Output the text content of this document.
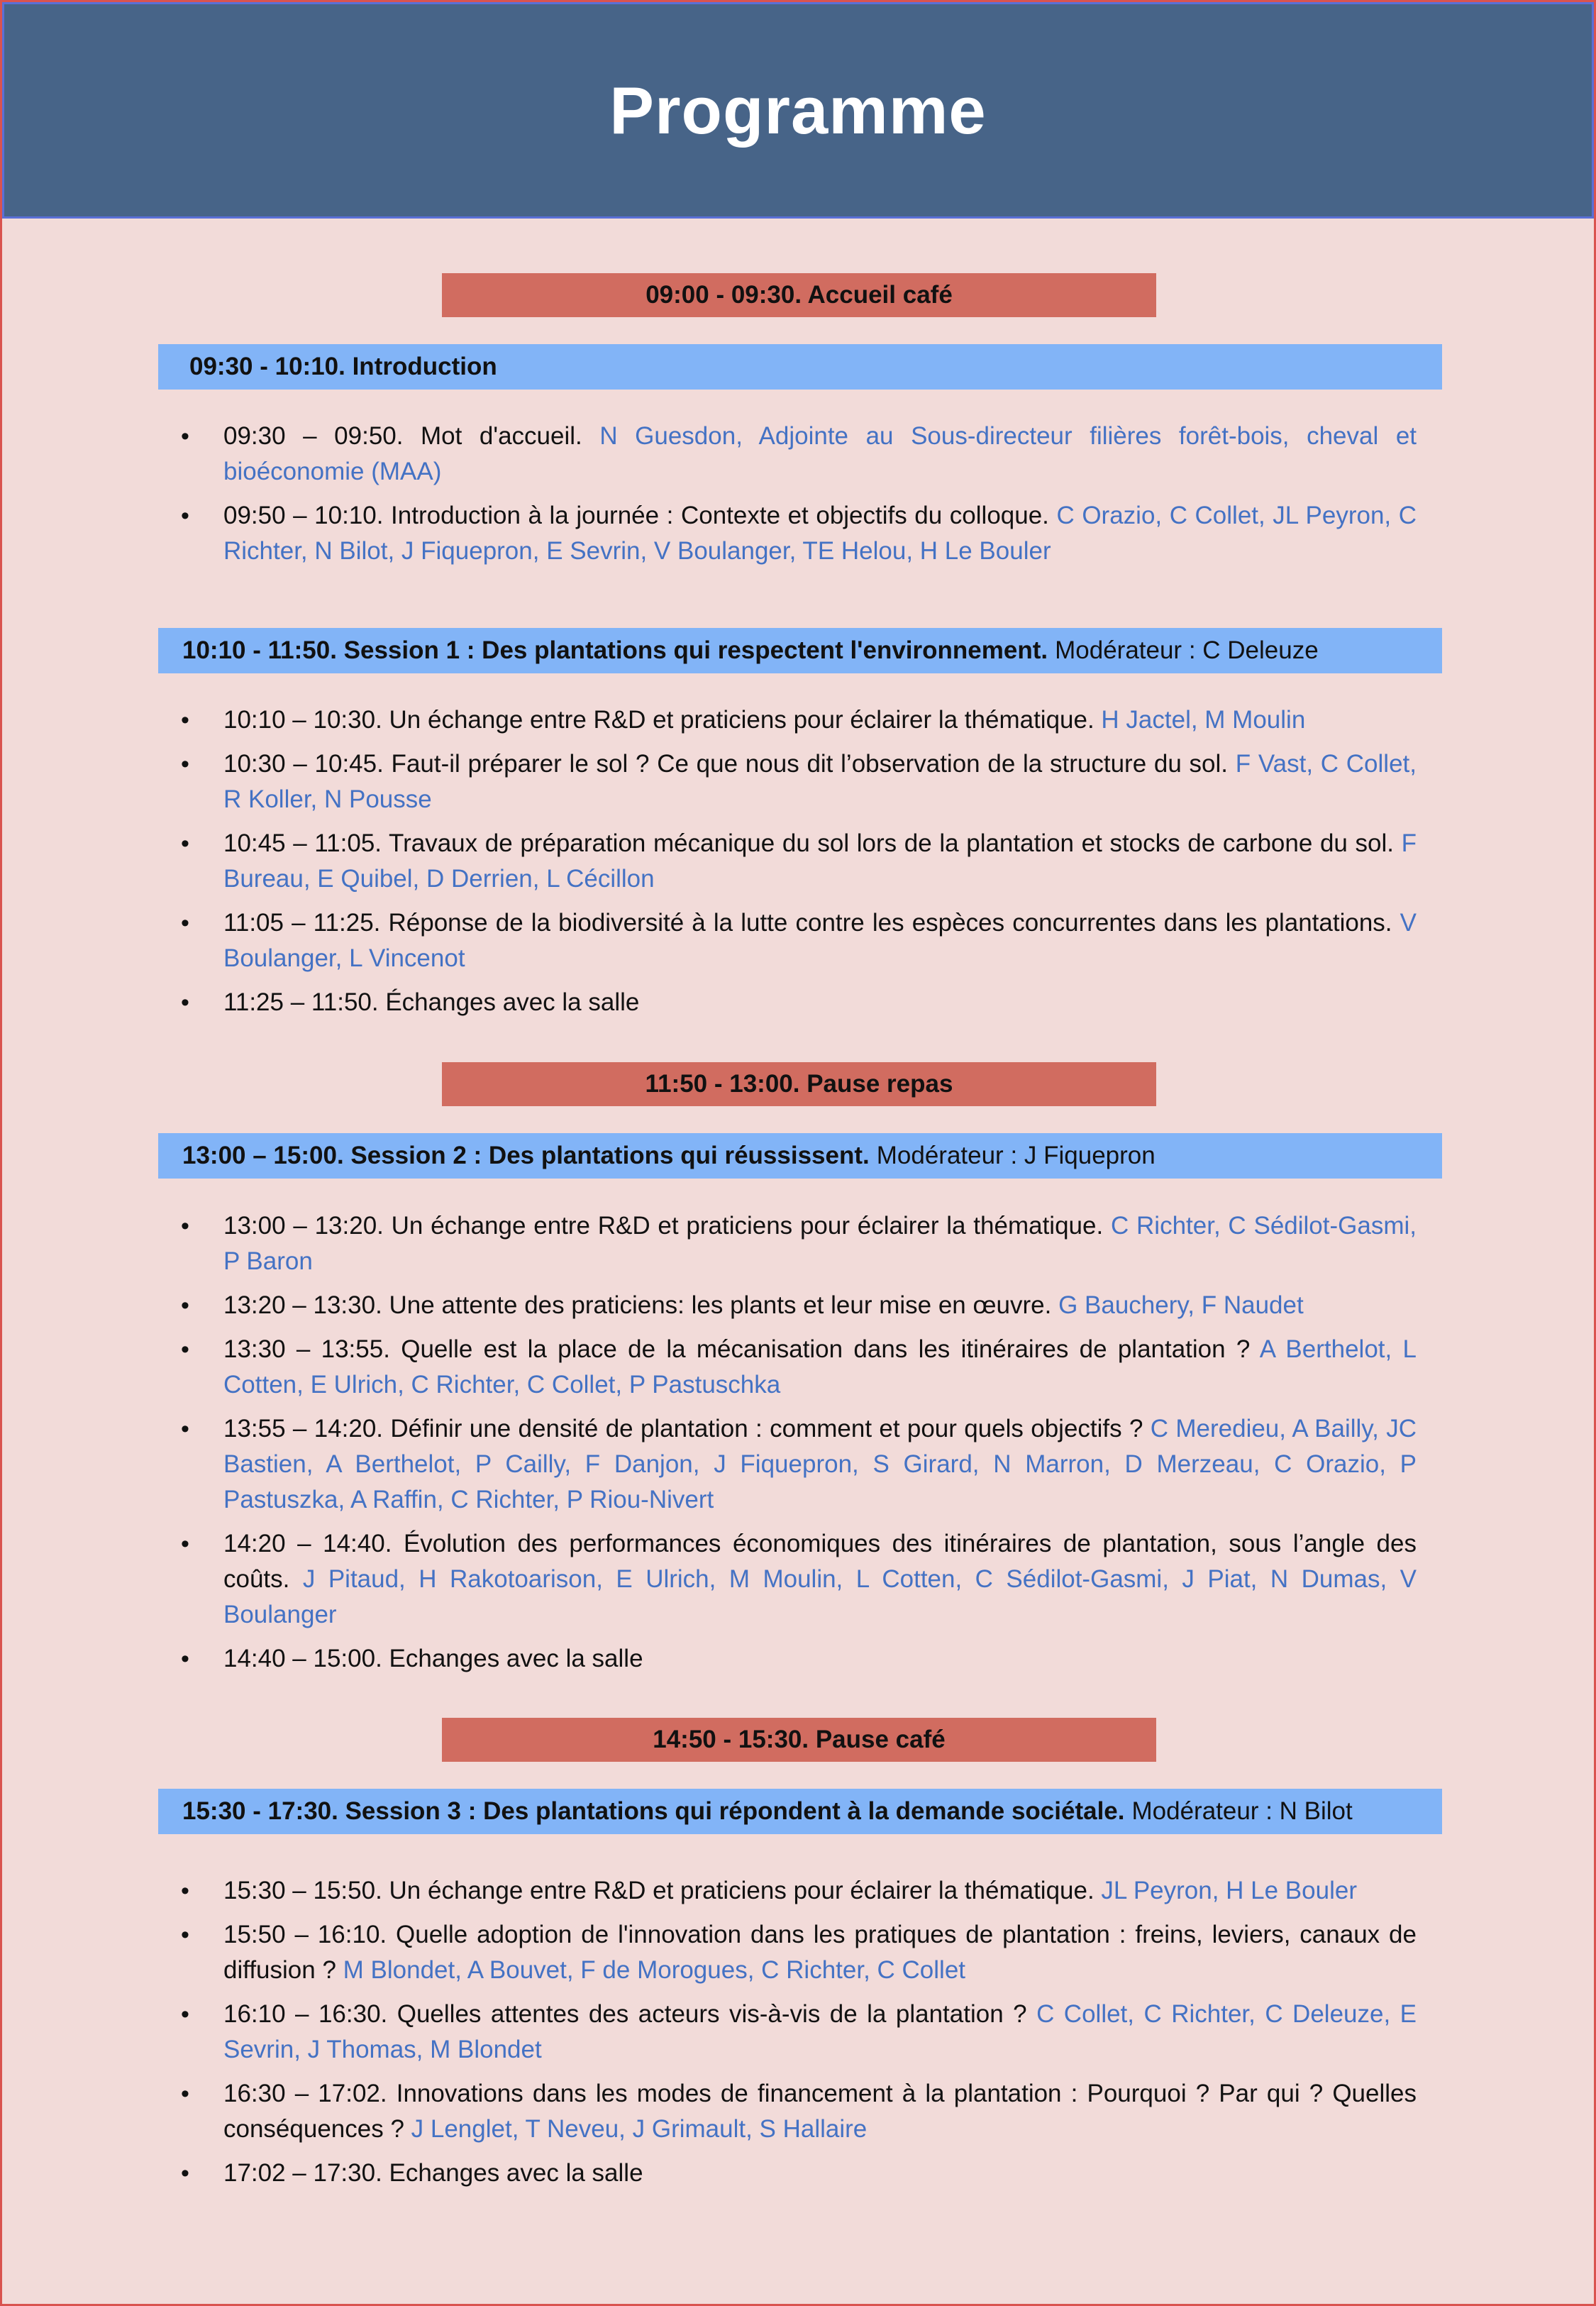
Programme
09:00 - 09:30. Accueil café
09:30 - 10:10. Introduction
• 09:30 – 09:50. Mot d'accueil. N Guesdon, Adjointe au Sous-directeur filières forêt-bois, cheval et bioéconomie (MAA)
• 09:50 – 10:10. Introduction à la journée : Contexte et objectifs du colloque. C Orazio, C Collet, JL Peyron, C Richter, N Bilot, J Fiquepron, E Sevrin, V Boulanger, TE Helou, H Le Bouler
10:10 - 11:50. Session 1 : Des plantations qui respectent l'environnement. Modérateur : C Deleuze
• 10:10 – 10:30. Un échange entre R&D et praticiens pour éclairer la thématique. H Jactel, M Moulin
• 10:30 – 10:45. Faut-il préparer le sol ? Ce que nous dit l’observation de la structure du sol. F Vast, C Collet, R Koller, N Pousse
• 10:45 – 11:05. Travaux de préparation mécanique du sol lors de la plantation et stocks de carbone du sol. F Bureau, E Quibel, D Derrien, L Cécillon
• 11:05 – 11:25. Réponse de la biodiversité à la lutte contre les espèces concurrentes dans les plantations. V Boulanger, L Vincenot
• 11:25 – 11:50. Échanges avec la salle
11:50 - 13:00. Pause repas
13:00 – 15:00. Session 2 : Des plantations qui réussissent. Modérateur : J Fiquepron
• 13:00 – 13:20. Un échange entre R&D et praticiens pour éclairer la thématique. C Richter, C Sédilot-Gasmi, P Baron
• 13:20 – 13:30. Une attente des praticiens: les plants et leur mise en œuvre. G Bauchery, F Naudet
• 13:30 – 13:55. Quelle est la place de la mécanisation dans les itinéraires de plantation ? A Berthelot, L Cotten, E Ulrich, C Richter, C Collet, P Pastuschka
• 13:55 – 14:20. Définir une densité de plantation : comment et pour quels objectifs ? C Meredieu, A Bailly, JC Bastien, A Berthelot, P Cailly, F Danjon, J Fiquepron, S Girard, N Marron, D Merzeau, C Orazio, P Pastuszka, A Raffin, C Richter, P Riou-Nivert
• 14:20 – 14:40. Évolution des performances économiques des itinéraires de plantation, sous l’angle des coûts. J Pitaud, H Rakotoarison, E Ulrich, M Moulin, L Cotten, C Sédilot-Gasmi, J Piat, N Dumas, V Boulanger
• 14:40 – 15:00. Echanges avec la salle
14:50 - 15:30. Pause café
15:30 - 17:30. Session 3 : Des plantations qui répondent à la demande sociétale. Modérateur : N Bilot
• 15:30 – 15:50. Un échange entre R&D et praticiens pour éclairer la thématique. JL Peyron, H Le Bouler
• 15:50 – 16:10. Quelle adoption de l'innovation dans les pratiques de plantation : freins, leviers, canaux de diffusion ? M Blondet, A Bouvet, F de Morogues, C Richter, C Collet
• 16:10 – 16:30. Quelles attentes des acteurs vis-à-vis de la plantation ? C Collet, C Richter, C Deleuze, E Sevrin, J Thomas, M Blondet
• 16:30 – 17:02. Innovations dans les modes de financement à la plantation : Pourquoi ? Par qui ? Quelles conséquences ? J Lenglet, T Neveu, J Grimault, S Hallaire
• 17:02 – 17:30. Echanges avec la salle
